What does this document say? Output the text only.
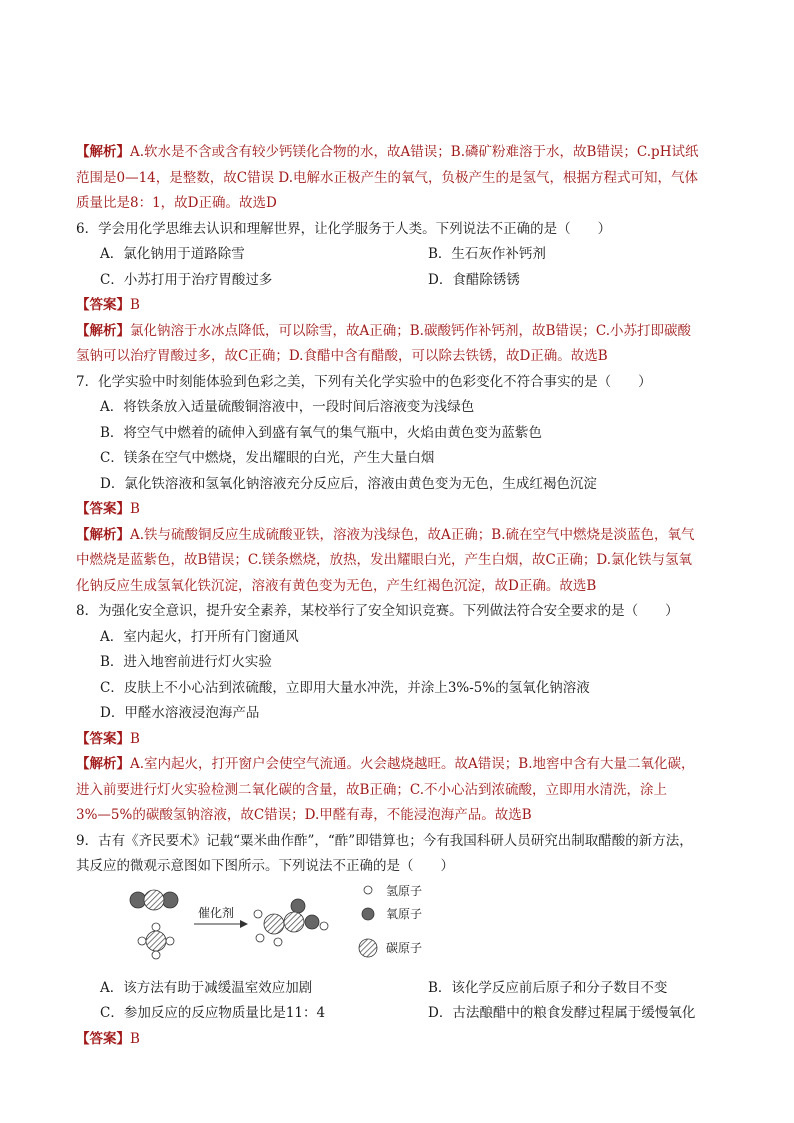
【解析】A.软水是不含或含有较少钙镁化合物的水，故A错误；B.磷矿粉难溶于水，故B错误；C.pH试纸

范围是0—14，是整数，故C错误 D.电解水正极产生的氧气，负极产生的是氢气，根据方程式可知，气体

质量比是8：1，故D正确。故选D

6．学会用化学思维去认识和理解世界，让化学服务于人类。下列说法不正确的是（　　）

A．氯化钠用于道路除雪	B．生石灰作补钙剂
C．小苏打用于治疗胃酸过多	D．食醋除锈锈

【答案】B

【解析】氯化钠溶于水冰点降低，可以除雪，故A正确；B.碳酸钙作补钙剂，故B错误；C.小苏打即碳酸

氢钠可以治疗胃酸过多，故C正确；D.食醋中含有醋酸，可以除去铁锈，故D正确。故选B

7．化学实验中时刻能体验到色彩之美，下列有关化学实验中的色彩变化不符合事实的是（　　）

A．将铁条放入适量硫酸铜溶液中，一段时间后溶液变为浅绿色

B．将空气中燃着的硫伸入到盛有氧气的集气瓶中，火焰由黄色变为蓝紫色

C．镁条在空气中燃烧，发出耀眼的白光，产生大量白烟

D．氯化铁溶液和氢氧化钠溶液充分反应后，溶液由黄色变为无色，生成红褐色沉淀

【答案】B

【解析】A.铁与硫酸铜反应生成硫酸亚铁，溶液为浅绿色，故A正确；B.硫在空气中燃烧是淡蓝色，氧气

中燃烧是蓝紫色，故B错误；C.镁条燃烧，放热，发出耀眼白光，产生白烟，故C正确；D.氯化铁与氢氧

化钠反应生成氢氧化铁沉淀，溶液有黄色变为无色，产生红褐色沉淀，故D正确。故选B

8．为强化安全意识，提升安全素养，某校举行了安全知识竞赛。下列做法符合安全要求的是（　　）

A．室内起火，打开所有门窗通风

B．进入地窖前进行灯火实验

C．皮肤上不小心沾到浓硫酸，立即用大量水冲洗，并涂上3%-5%的氢氧化钠溶液

D．甲醛水溶液浸泡海产品

【答案】B

【解析】A.室内起火，打开窗户会使空气流通。火会越烧越旺。故A错误；B.地窖中含有大量二氧化碳，

进入前要进行灯火实验检测二氧化碳的含量，故B正确；C.不小心沾到浓硫酸，立即用水清洗，涂上

3%—5%的碳酸氢钠溶液，故C错误；D.甲醛有毒，不能浸泡海产品。故选B

9．古有《齐民要术》记载“粟米曲作酢”，“酢”即错算也；今有我国科研人员研究出制取醋酸的新方法，

其反应的微观示意图如下图所示。下列说法不正确的是（　　）

催化剂
氢原子
氧原子
碳原子
A．该方法有助于减缓温室效应加剧	B．该化学反应前后原子和分子数目不变
C．参加反应的反应物质量比是11：4	D．古法酿醋中的粮食发酵过程属于缓慢氧化

【答案】B
